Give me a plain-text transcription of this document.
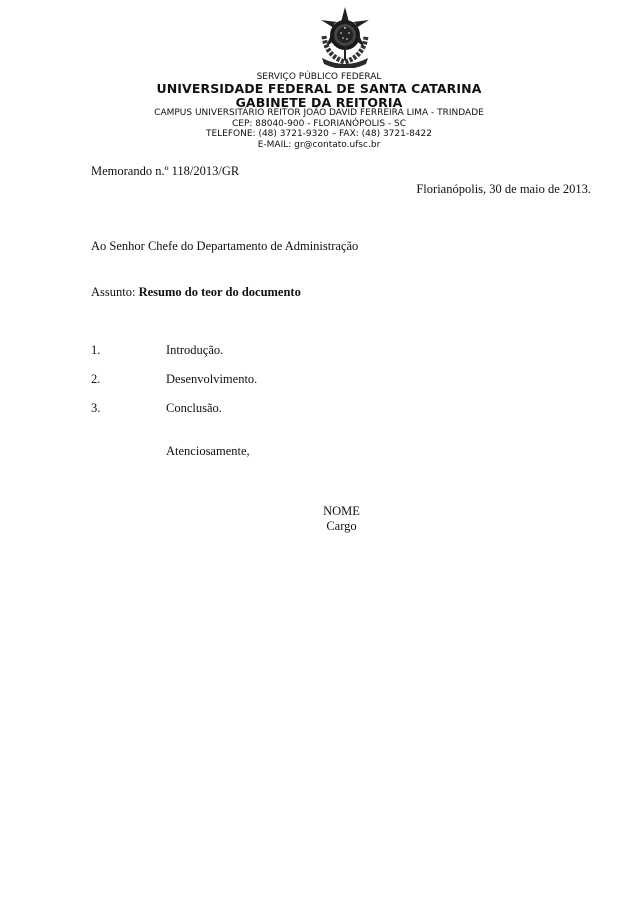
SERVIÇO PÚBLICO FEDERAL
UNIVERSIDADE FEDERAL DE SANTA CATARINA
GABINETE DA REITORIA
CAMPUS UNIVERSITÁRIO REITOR JOÃO DAVID FERREIRA LIMA - TRINDADE
CEP: 88040-900 - FLORIANÓPOLIS - SC
TELEFONE: (48) 3721-9320 – FAX: (48) 3721-8422
E-MAIL: gr@contato.ufsc.br
Memorando n.º 118/2013/GR
Florianópolis, 30 de maio de 2013.
Ao Senhor Chefe do Departamento de Administração
Assunto: Resumo do teor do documento
1.	Introdução.
2.	Desenvolvimento.
3.	Conclusão.
Atenciosamente,
NOME
Cargo
